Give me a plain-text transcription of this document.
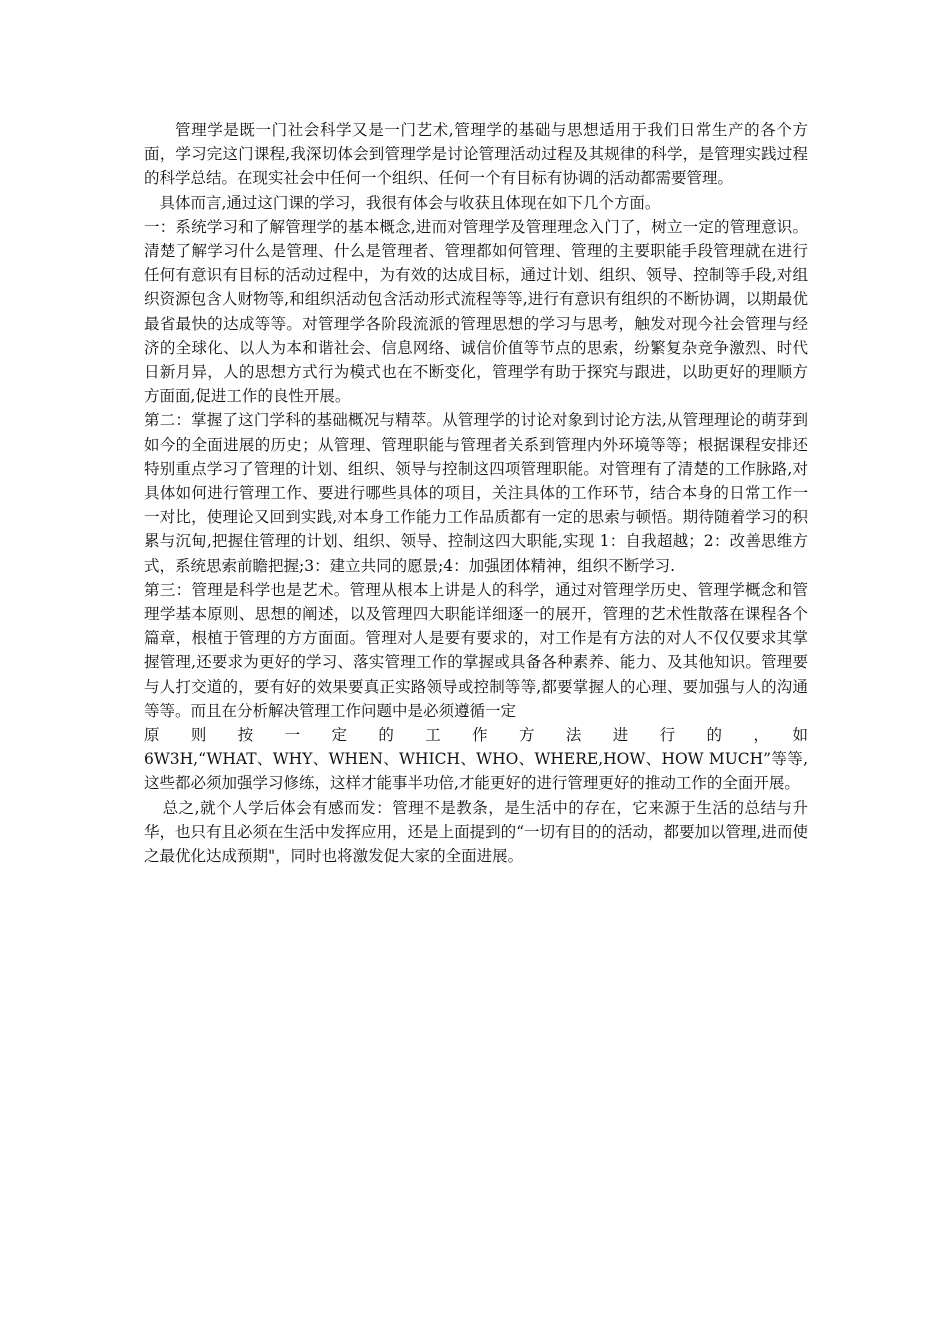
管理学是既一门社会科学又是一门艺术,管理学的基础与思想适用于我们日常生产的各个方面，学习完这门课程,我深切体会到管理学是讨论管理活动过程及其规律的科学，是管理实践过程的科学总结。在现实社会中任何一个组织、任何一个有目标有协调的活动都需要管理。

具体而言,通过这门课的学习，我很有体会与收获且体现在如下几个方面。

一：系统学习和了解管理学的基本概念,进而对管理学及管理理念入门了，树立一定的管理意识。清楚了解学习什么是管理、什么是管理者、管理都如何管理、管理的主要职能手段管理就在进行任何有意识有目标的活动过程中，为有效的达成目标，通过计划、组织、领导、控制等手段,对组织资源包含人财物等,和组织活动包含活动形式流程等等,进行有意识有组织的不断协调，以期最优最省最快的达成等等。对管理学各阶段流派的管理思想的学习与思考，触发对现今社会管理与经济的全球化、以人为本和谐社会、信息网络、诚信价值等节点的思索，纷繁复杂竞争激烈、时代日新月异，人的思想方式行为模式也在不断变化，管理学有助于探究与跟进，以助更好的理顺方方面面,促进工作的良性开展。

第二：掌握了这门学科的基础概况与精萃。从管理学的讨论对象到讨论方法,从管理理论的萌芽到如今的全面进展的历史；从管理、管理职能与管理者关系到管理内外环境等等；根据课程安排还特别重点学习了管理的计划、组织、领导与控制这四项管理职能。对管理有了清楚的工作脉路,对具体如何进行管理工作、要进行哪些具体的项目，关注具体的工作环节，结合本身的日常工作一一对比，使理论又回到实践,对本身工作能力工作品质都有一定的思索与顿悟。期待随着学习的积累与沉甸,把握住管理的计划、组织、领导、控制这四大职能,实现 1：自我超越；2：改善思维方式，系统思索前瞻把握;3：建立共同的愿景;4：加强团体精神，组织不断学习.

第三：管理是科学也是艺术。管理从根本上讲是人的科学，通过对管理学历史、管理学概念和管理学基本原则、思想的阐述，以及管理四大职能详细逐一的展开，管理的艺术性散落在课程各个篇章，根植于管理的方方面面。管理对人是要有要求的，对工作是有方法的对人不仅仅要求其掌握管理,还要求为更好的学习、落实管理工作的掌握或具备各种素养、能力、及其他知识。管理要与人打交道的，要有好的效果要真正实路领导或控制等等,都要掌握人的心理、要加强与人的沟通等等。而且在分析解决管理工作问题中是必须遵循一定

原　则　按　一　定　的　工　作　方　法　进　行　的　，　如

6W3H,“WHAT、WHY、WHEN、WHICH、WHO、WHERE,HOW、HOW MUCH”等等,这些都必须加强学习修练，这样才能事半功倍,才能更好的进行管理更好的推动工作的全面开展。

总之,就个人学后体会有感而发：管理不是教条，是生活中的存在，它来源于生活的总结与升华，也只有且必须在生活中发挥应用，还是上面提到的“一切有目的的活动，都要加以管理,进而使之最优化达成预期"，同时也将激发促大家的全面进展。
